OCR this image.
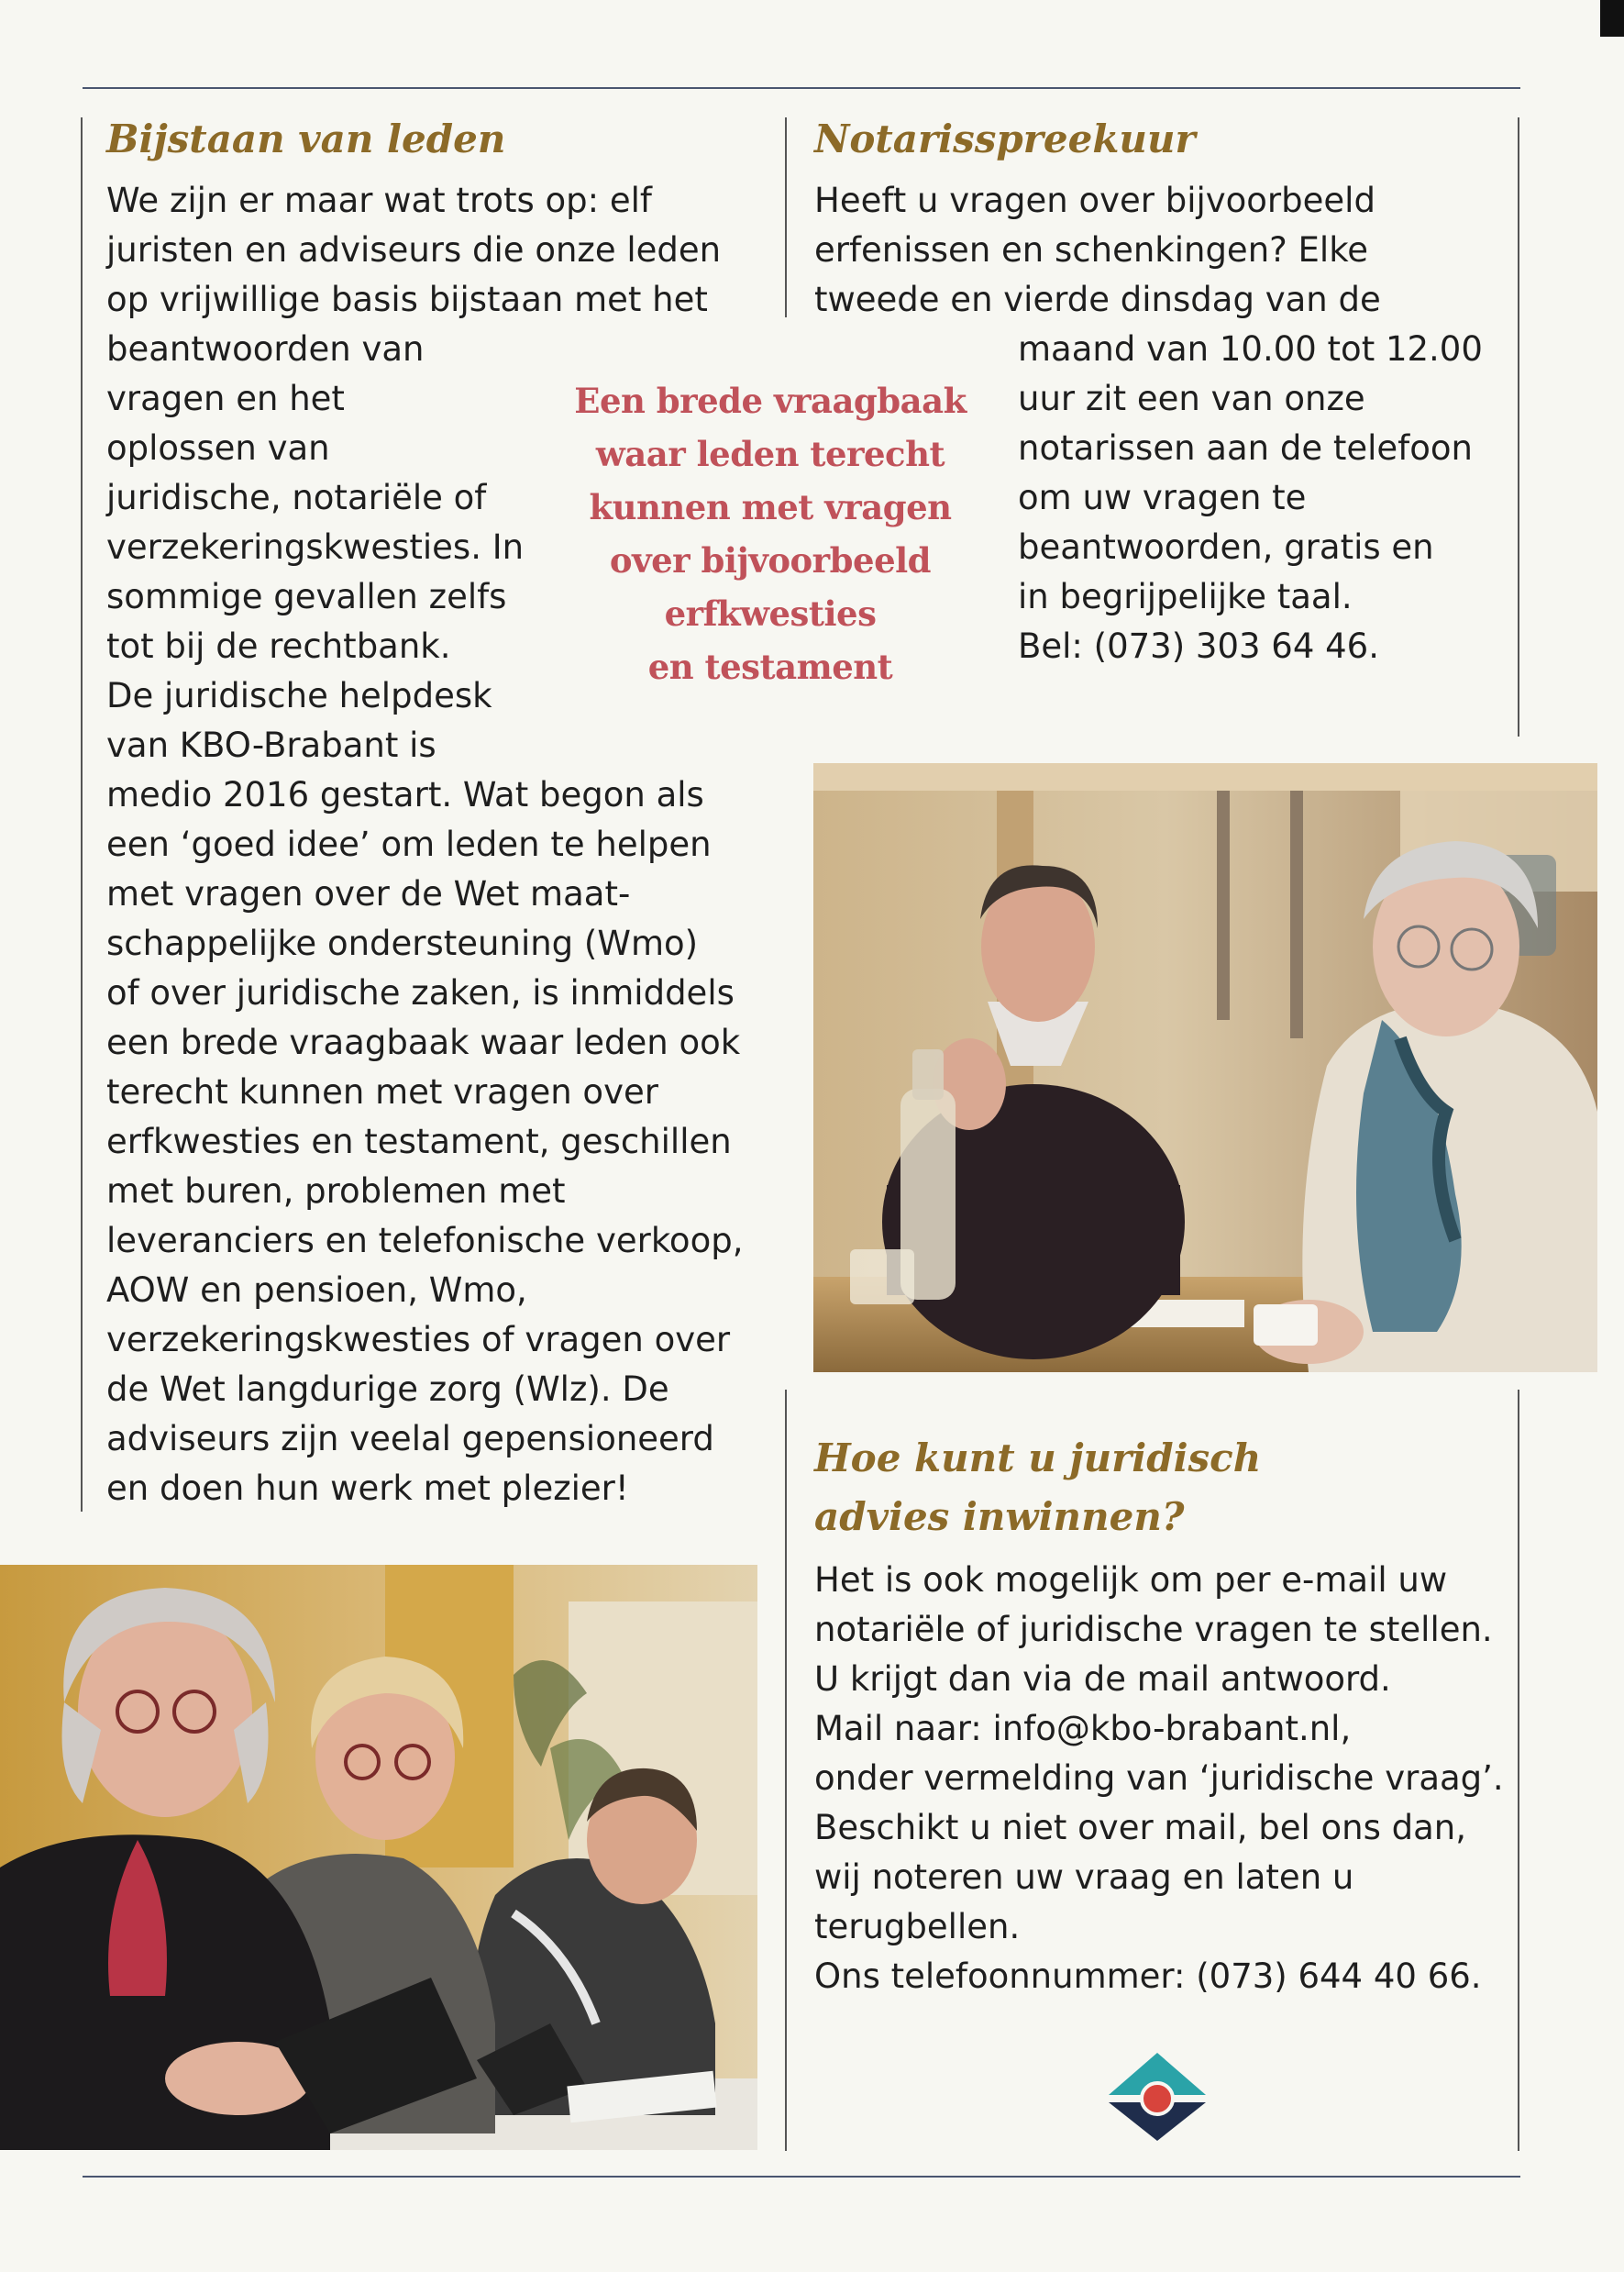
Bijstaan van leden
We zijn er maar wat trots op: elf
juristen en adviseurs die onze leden
op vrijwillige basis bijstaan met het
beantwoorden van
vragen en het
oplossen van
juridische, notariële of
verzekeringskwesties. In
sommige gevallen zelfs
tot bij de rechtbank.
De juridische helpdesk
van KBO-Brabant is
medio 2016 gestart. Wat begon als
een ‘goed idee’ om leden te helpen
met vragen over de Wet maat-
schappelijke ondersteuning (Wmo)
of over juridische zaken, is inmiddels
een brede vraagbaak waar leden ook
terecht kunnen met vragen over
erfkwesties en testament, geschillen
met buren, problemen met
leveranciers en telefonische verkoop,
AOW en pensioen, Wmo,
verzekeringskwesties of vragen over
de Wet langdurige zorg (Wlz). De
adviseurs zijn veelal gepensioneerd
en doen hun werk met plezier!
Een brede vraagbaak
waar leden terecht
kunnen met vragen
over bijvoorbeeld
erfkwesties
en testament
Notarisspreekuur
Heeft u vragen over bijvoorbeeld
erfenissen en schenkingen? Elke
tweede en vierde dinsdag van de
maand van 10.00 tot 12.00
uur zit een van onze
notarissen aan de telefoon
om uw vragen te
beantwoorden, gratis en
in begrijpelijke taal.
Bel: (073) 303 64 46.
Hoe kunt u juridisch
advies inwinnen?
Het is ook mogelijk om per e-mail uw
notariële of juridische vragen te stellen.
U krijgt dan via de mail antwoord.
Mail naar: info@kbo-brabant.nl,
onder vermelding van ‘juridische vraag’.
Beschikt u niet over mail, bel ons dan,
wij noteren uw vraag en laten u
terugbellen.
Ons telefoonnummer: (073) 644 40 66.
